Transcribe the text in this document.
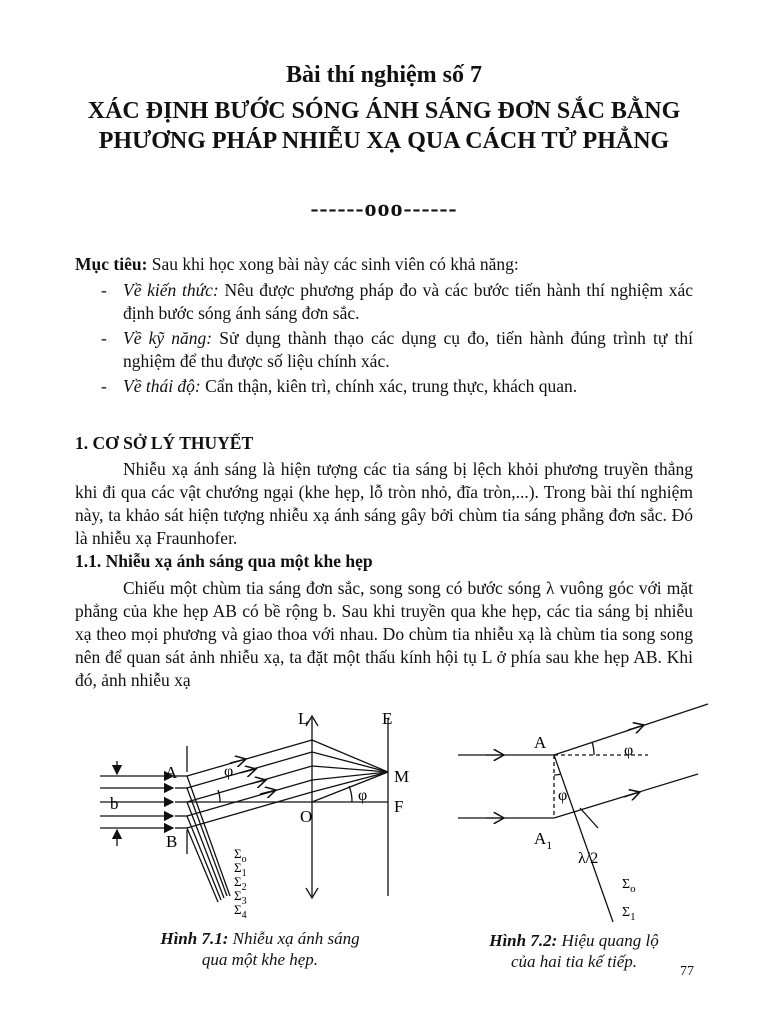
Bài thí nghiệm số 7
XÁC ĐỊNH BƯỚC SÓNG ÁNH SÁNG ĐƠN SẮC BẰNG PHƯƠNG PHÁP NHIỄU XẠ QUA CÁCH TỬ PHẲNG
------ooo------
Mục tiêu: Sau khi học xong bài này các sinh viên có khả năng:
- Về kiến thức: Nêu được phương pháp đo và các bước tiến hành thí nghiệm xác định bước sóng ánh sáng đơn sắc.
- Về kỹ năng: Sử dụng thành thạo các dụng cụ đo, tiến hành đúng trình tự thí nghiệm để thu được số liệu chính xác.
- Về thái độ: Cẩn thận, kiên trì, chính xác, trung thực, khách quan.
1. CƠ SỞ LÝ THUYẾT
Nhiễu xạ ánh sáng là hiện tượng các tia sáng bị lệch khỏi phương truyền thẳng khi đi qua các vật chướng ngại (khe hẹp, lỗ tròn nhỏ, đĩa tròn,...). Trong bài thí nghiệm này, ta khảo sát hiện tượng nhiễu xạ ánh sáng gây bởi chùm tia sáng phẳng đơn sắc. Đó là nhiễu xạ Fraunhofer.
1.1. Nhiễu xạ ánh sáng qua một khe hẹp
Chiếu một chùm tia sáng đơn sắc, song song có bước sóng λ vuông góc với mặt phẳng của khe hẹp AB có bề rộng b. Sau khi truyền qua khe hẹp, các tia sáng bị nhiễu xạ theo mọi phương và giao thoa với nhau. Do chùm tia nhiễu xạ là chùm tia song song nên để quan sát ảnh nhiễu xạ, ta đặt một thấu kính hội tụ L ở phía sau khe hẹp AB. Khi đó, ảnh nhiễu xạ
L	E
A
B
b
M
O
F
φ
φ
$\Sigma_o$
$\Sigma_1$
$\Sigma_2$
$\Sigma_3$
$\Sigma_4$
Hình 7.1: Nhiễu xạ ánh sáng qua một khe hẹp.
A
$A_1$
φ
φ
λ/2
$\Sigma_o$
$\Sigma_1$
Hình 7.2: Hiệu quang lộ của hai tia kế tiếp.
77
